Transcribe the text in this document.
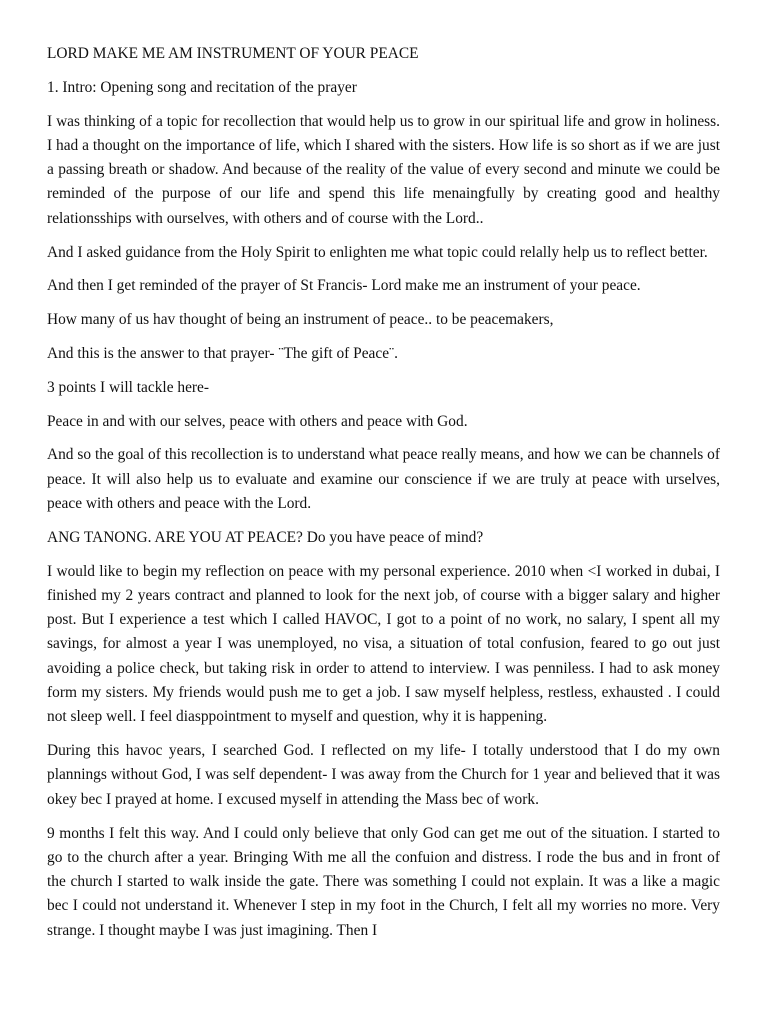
LORD MAKE ME AM INSTRUMENT OF YOUR PEACE

1. Intro: Opening song and recitation of the prayer

I was thinking of a topic for recollection that would help us to grow in our spiritual life and grow in holiness. I had a thought on the importance of life, which I shared with the sisters. How life is so short as if we are just a passing breath or shadow. And because of the reality of the value of every second and minute we could be reminded of the purpose of our life and spend this life menaingfully by creating good and healthy relationsships with ourselves, with others and of course with the Lord..

And I asked guidance from the Holy Spirit to enlighten me what topic could relally help us to reflect better.

And then I get reminded of the prayer of St Francis- Lord make me an instrument of your peace.

How many of us hav thought of being an instrument of peace.. to be peacemakers,

And this is the answer to that prayer- ¨The gift of Peace¨.

3 points I will tackle here-

Peace in and with our selves, peace with others and peace with God.

And so the goal of this recollection is to understand what peace really means, and how we can be channels of peace. It will also help us to evaluate and examine our conscience if we are truly at peace with urselves, peace with others and peace with the Lord.

ANG TANONG. ARE YOU AT PEACE? Do you have peace of mind?

I would like to begin my reflection on peace with my personal experience. 2010 when <I worked in dubai, I finished my 2 years contract and planned to look for the next job, of course with a bigger salary and higher post. But I experience a test which I called HAVOC, I got to a point of no work, no salary, I spent all my savings, for almost a year I was unemployed, no visa, a situation of total confusion, feared to go out just avoiding a police check, but taking risk in order to attend to interview. I was penniless. I had to ask money form my sisters. My friends would push me to get a job. I saw myself helpless, restless, exhausted . I could not sleep well. I feel diasppointment to myself and question, why it is happening.

During this havoc years, I searched God. I reflected on my life- I totally understood that I do my own plannings without God, I was self dependent- I was away from the Church for 1 year and believed that it was okey bec I prayed at home. I excused myself in attending the Mass bec of work.

9 months I felt this way. And I could only believe that only God can get me out of the situation. I started to go to the church after a year. Bringing With me all the confuion and distress. I rode the bus and in front of the church I started to walk inside the gate. There was something I could not explain. It was a like a magic bec I could not understand it. Whenever I step in my foot in the Church, I felt all my worries no more. Very strange. I thought maybe I was just imagining. Then I
